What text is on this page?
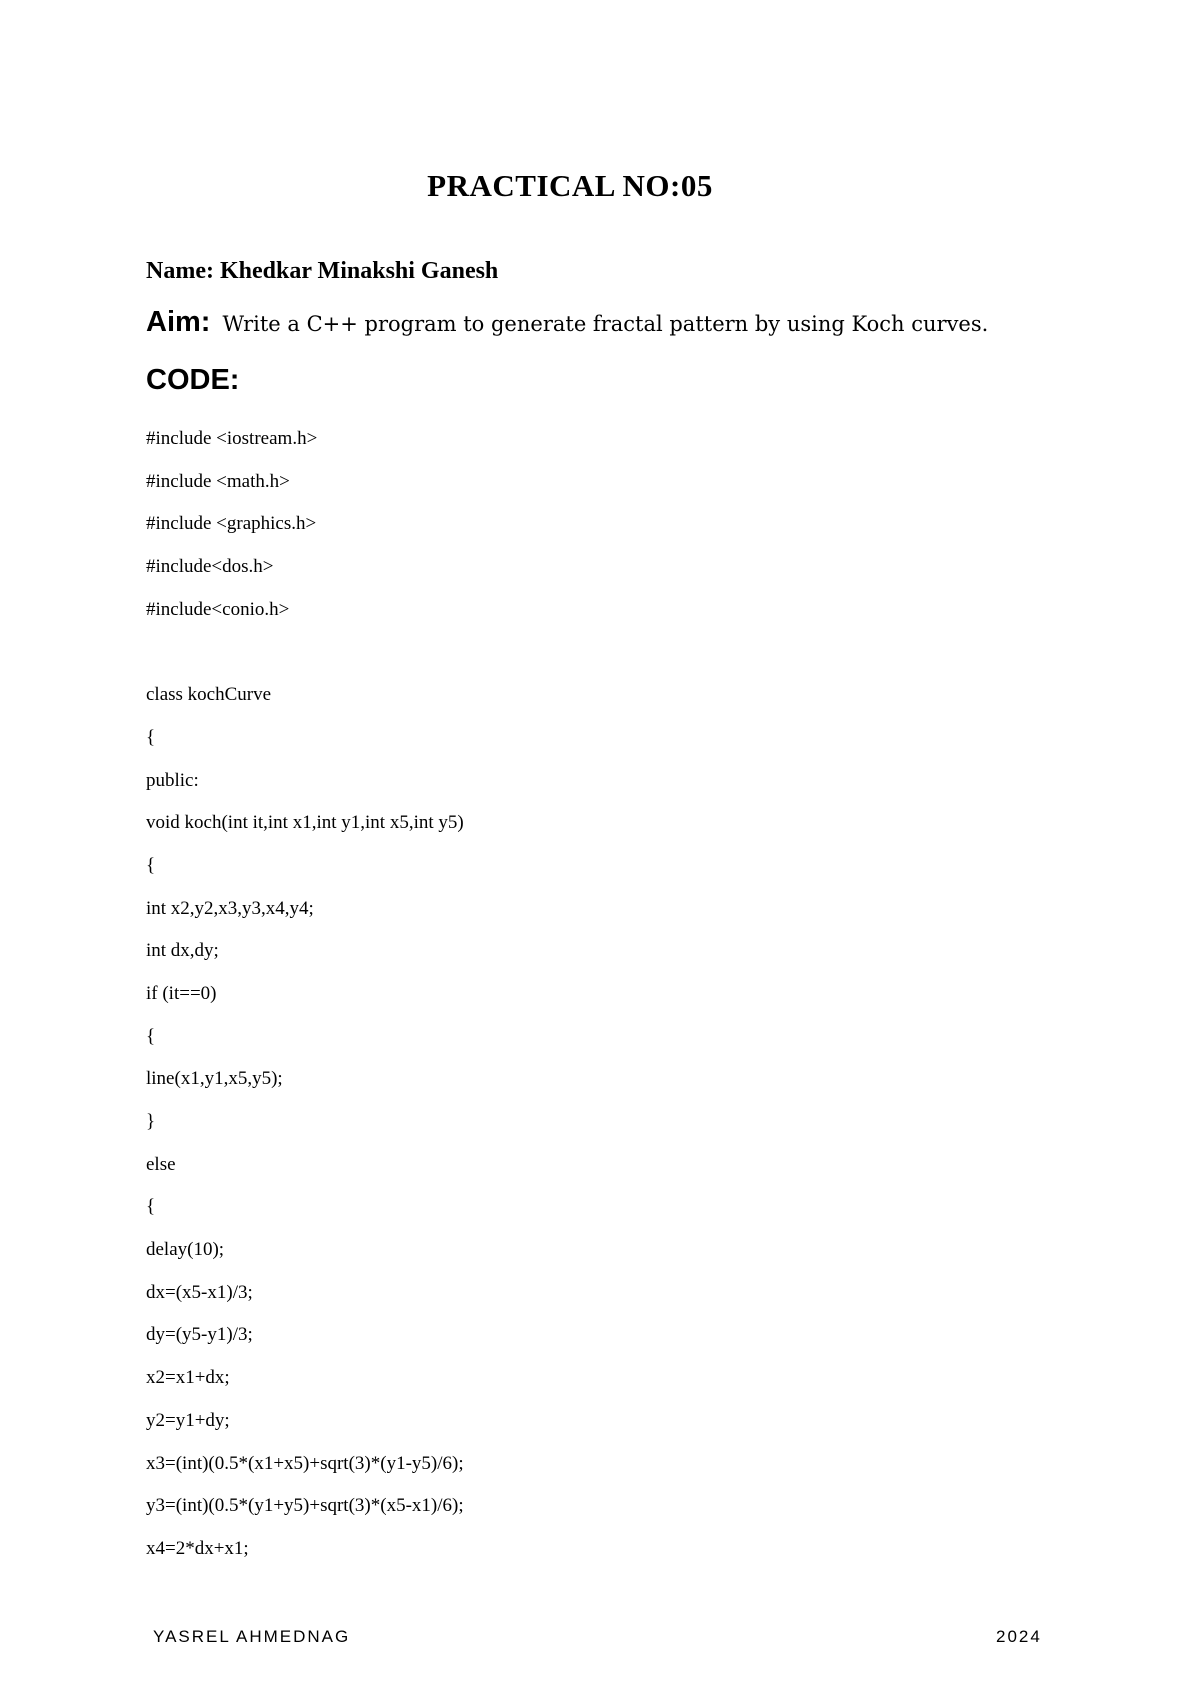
PRACTICAL NO:05
Name: Khedkar Minakshi Ganesh
Aim: Write a C++ program to generate fractal pattern by using Koch curves.
CODE:
#include <iostream.h>
#include <math.h>
#include <graphics.h>
#include<dos.h>
#include<conio.h>
class kochCurve
{
public:
void koch(int it,int x1,int y1,int x5,int y5)
{
int x2,y2,x3,y3,x4,y4;
int dx,dy;
if (it==0)
{
line(x1,y1,x5,y5);
}
else
{
delay(10);
dx=(x5-x1)/3;
dy=(y5-y1)/3;
x2=x1+dx;
y2=y1+dy;
x3=(int)(0.5*(x1+x5)+sqrt(3)*(y1-y5)/6);
y3=(int)(0.5*(y1+y5)+sqrt(3)*(x5-x1)/6);
x4=2*dx+x1;
YASREL AHMEDNAG	2024
